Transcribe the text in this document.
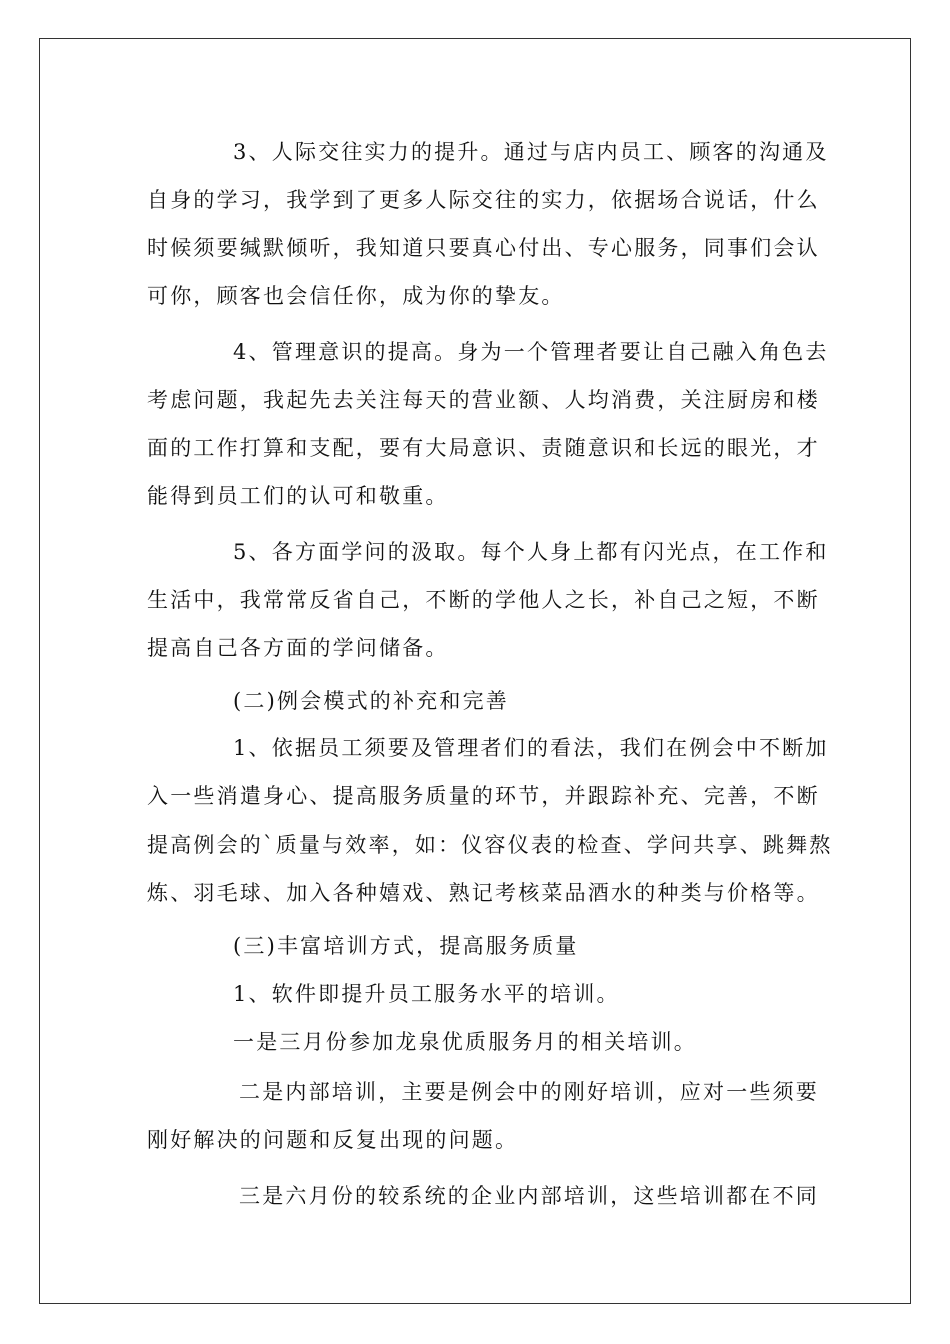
3、人际交往实力的提升。通过与店内员工、顾客的沟通及
自身的学习，我学到了更多人际交往的实力，依据场合说话，什么
时候须要缄默倾听，我知道只要真心付出、专心服务，同事们会认
可你，顾客也会信任你，成为你的挚友。
4、管理意识的提高。身为一个管理者要让自己融入角色去
考虑问题，我起先去关注每天的营业额、人均消费，关注厨房和楼
面的工作打算和支配，要有大局意识、责随意识和长远的眼光，才
能得到员工们的认可和敬重。
5、各方面学问的汲取。每个人身上都有闪光点，在工作和
生活中，我常常反省自己，不断的学他人之长，补自己之短，不断
提高自己各方面的学问储备。
(二)例会模式的补充和完善
1、依据员工须要及管理者们的看法，我们在例会中不断加
入一些消遣身心、提高服务质量的环节，并跟踪补充、完善，不断
提高例会的`质量与效率，如：仪容仪表的检查、学问共享、跳舞熬
炼、羽毛球、加入各种嬉戏、熟记考核菜品酒水的种类与价格等。
(三)丰富培训方式，提高服务质量
1、软件即提升员工服务水平的培训。
一是三月份参加龙泉优质服务月的相关培训。
二是内部培训，主要是例会中的刚好培训，应对一些须要
刚好解决的问题和反复出现的问题。
三是六月份的较系统的企业内部培训，这些培训都在不同
